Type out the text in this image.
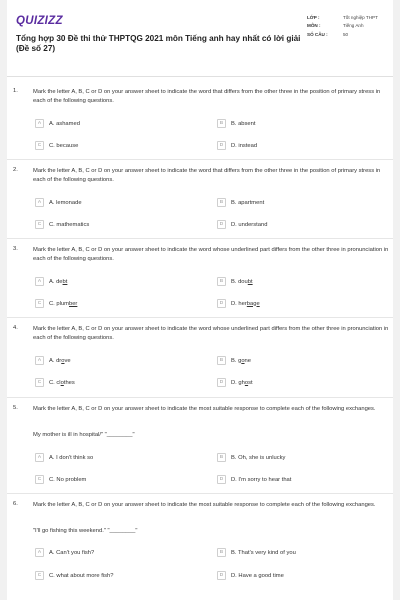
QUIZIZZ
Tổng hợp 30 Đề thi thử THPTQG 2021 môn Tiếng anh hay nhất có lời giải (Đề số 27)
LỚP :	Tốt nghiệp THPT
MÔN :	Tiếng Anh
SỐ CÂU :	50
1.	Mark the letter A, B, C or D on your answer sheet to indicate the word that differs from the other three in the position of primary stress in each of the following questions.
A	A. ashamed	B	B. absent
C	C. because	D	D. instead
2.	Mark the letter A, B, C or D on your answer sheet to indicate the word that differs from the other three in the position of primary stress in each of the following questions.
A	A. lemonade	B	B. apartment
C	C. mathematics	D	D. understand
3.	Mark the letter A, B, C or D on your answer sheet to indicate the word whose underlined part differs from the other three in pronunciation in each of the following questions.
A	A. debt	B	B. doubt
C	C. plumber	D	D. herbage
4.	Mark the letter A, B, C or D on your answer sheet to indicate the word whose underlined part differs from the other three in pronunciation in each of the following questions.
A	A. drove	B	B. gone
C	C. clothes	D	D. ghost
5.	Mark the letter A, B, C or D on your answer sheet to indicate the most suitable response to complete each of the following exchanges.
My mother is ill in hospital/" "________"
A	A. I don't think so	B	B. Oh, she is unlucky
C	C. No problem	D	D. I'm sorry to hear that
6.	Mark the letter A, B, C or D on your answer sheet to indicate the most suitable response to complete each of the following exchanges.
"I'll go fishing this weekend." "________"
A	A. Can't you fish?	B	B. That's very kind of you
C	C. what about more fish?	D	D. Have a good time
